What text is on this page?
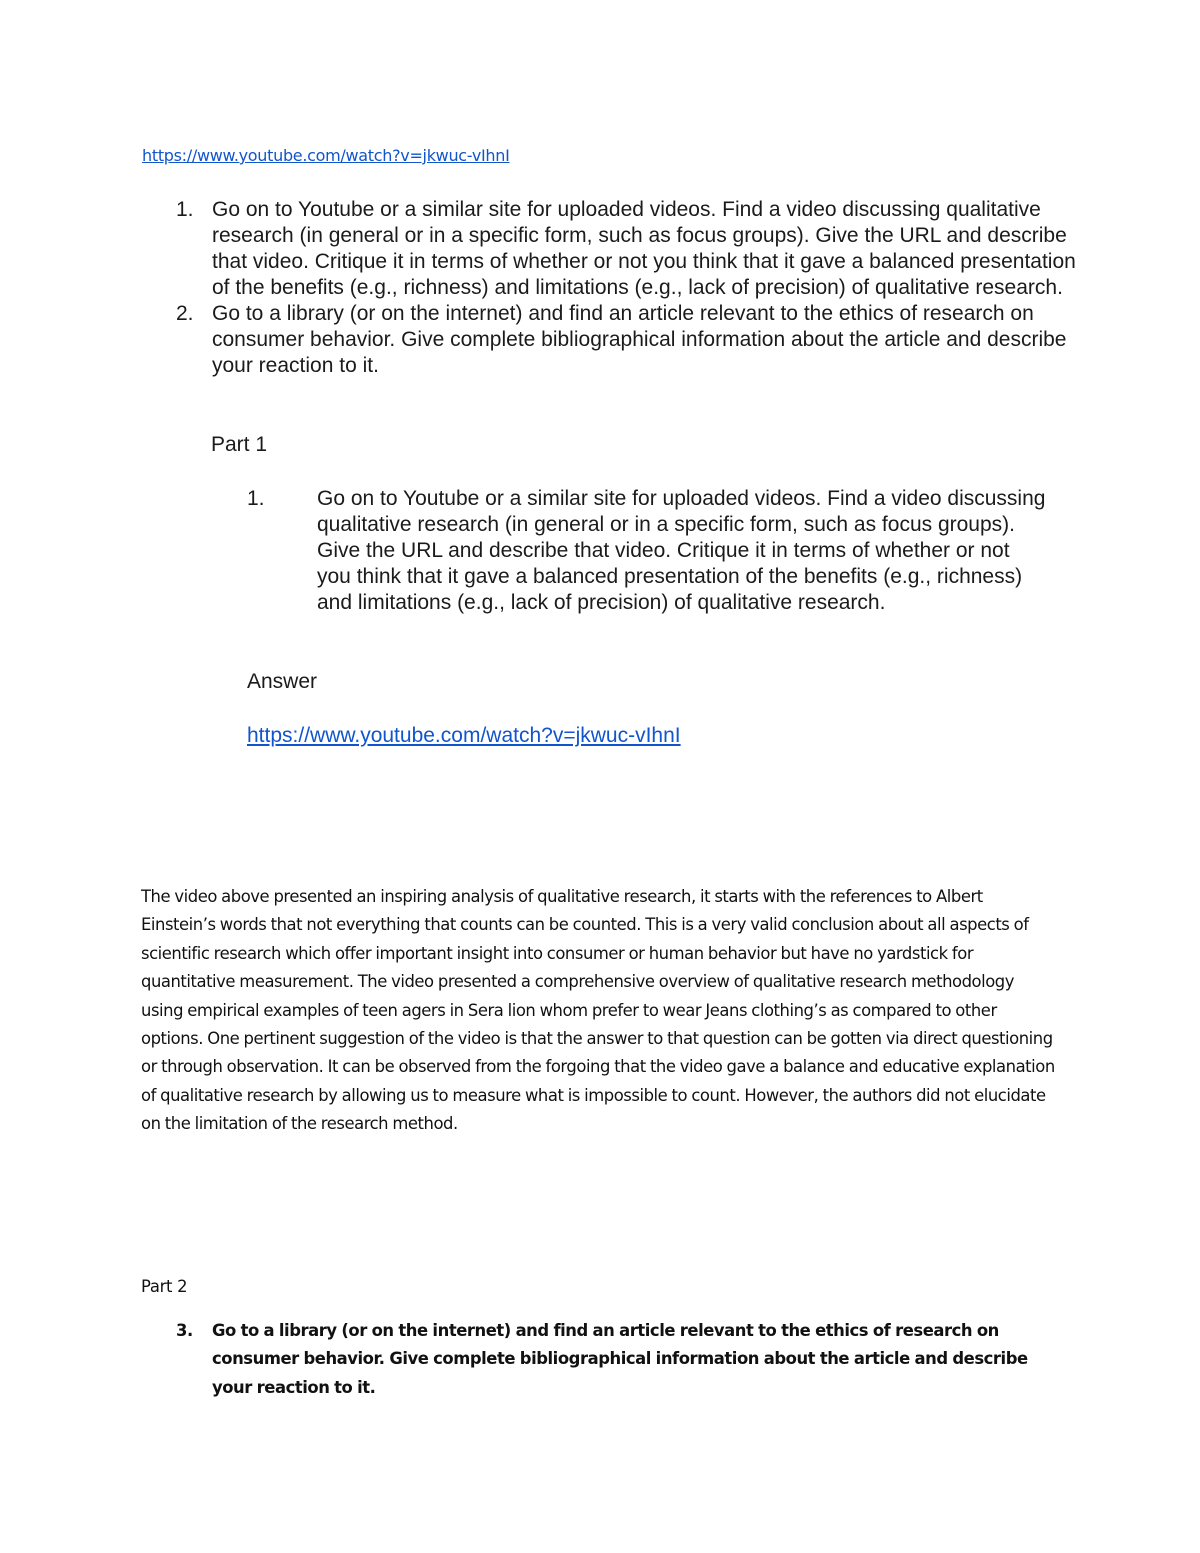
https://www.youtube.com/watch?v=jkwuc-vIhnI
1. Go on to Youtube or a similar site for uploaded videos. Find a video discussing qualitative research (in general or in a specific form, such as focus groups). Give the URL and describe that video. Critique it in terms of whether or not you think that it gave a balanced presentation of the benefits (e.g., richness) and limitations (e.g., lack of precision) of qualitative research.
2. Go to a library (or on the internet) and find an article relevant to the ethics of research on consumer behavior. Give complete bibliographical information about the article and describe your reaction to it.
Part 1
1.	Go on to Youtube or a similar site for uploaded videos. Find a video discussing qualitative research (in general or in a specific form, such as focus groups). Give the URL and describe that video. Critique it in terms of whether or not you think that it gave a balanced presentation of the benefits (e.g., richness) and limitations (e.g., lack of precision) of qualitative research.
Answer
https://www.youtube.com/watch?v=jkwuc-vIhnI

The video above presented an inspiring analysis of qualitative research, it starts with the references to Albert Einstein’s words that not everything that counts can be counted. This is a very valid conclusion about all aspects of scientific research which offer important insight into consumer or human behavior but have no yardstick for quantitative measurement. The video presented a comprehensive overview of qualitative research methodology using empirical examples of teen agers in Sera lion whom prefer to wear Jeans clothing’s as compared to other options. One pertinent suggestion of the video is that the answer to that question can be gotten via direct questioning or through observation. It can be observed from the forgoing that the video gave a balance and educative explanation of qualitative research by allowing us to measure what is impossible to count. However, the authors did not elucidate on the limitation of the research method.

Part 2
3.	Go to a library (or on the internet) and find an article relevant to the ethics of research on consumer behavior. Give complete bibliographical information about the article and describe your reaction to it.
